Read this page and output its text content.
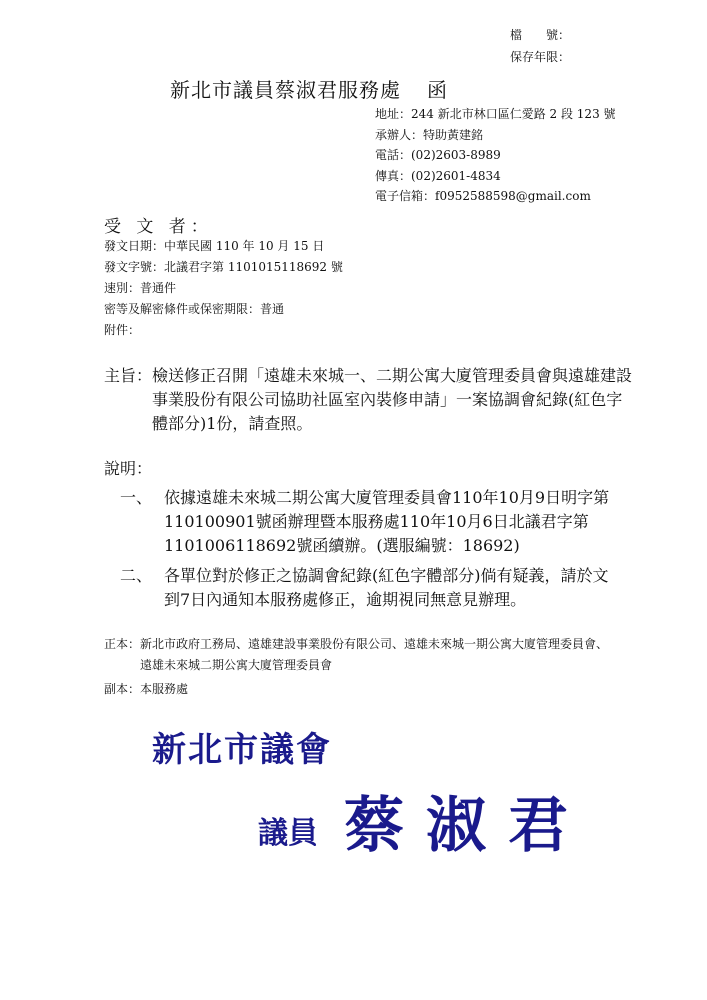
檔　　號：
保存年限：
新北市議員蔡淑君服務處 函
地址：244 新北市林口區仁愛路 2 段 123 號
承辦人：特助黃建銘
電話：(02)2603-8989
傳真：(02)2601-4834
電子信箱：f0952588598@gmail.com
受 文 者：
發文日期：中華民國 110 年 10 月 15 日
發文字號：北議君字第 1101015118692 號
速別：普通件
密等及解密條件或保密期限：普通
附件：
主旨： 檢送修正召開「遠雄未來城一、二期公寓大廈管理委員會與遠雄建設事業股份有限公司協助社區室內裝修申請」一案協調會紀錄(紅色字體部分)1份，請查照。
說明：
一、 依據遠雄未來城二期公寓大廈管理委員會110年10月9日明字第110100901號函辦理暨本服務處110年10月6日北議君字第1101006118692號函續辦。(選服編號：18692)
二、 各單位對於修正之協調會紀錄(紅色字體部分)倘有疑義，請於文到7日內通知本服務處修正，逾期視同無意見辦理。
正本： 新北市政府工務局、遠雄建設事業股份有限公司、遠雄未來城一期公寓大廈管理委員會、遠雄未來城二期公寓大廈管理委員會
副本：本服務處
新北市議會
議員 蔡淑君
